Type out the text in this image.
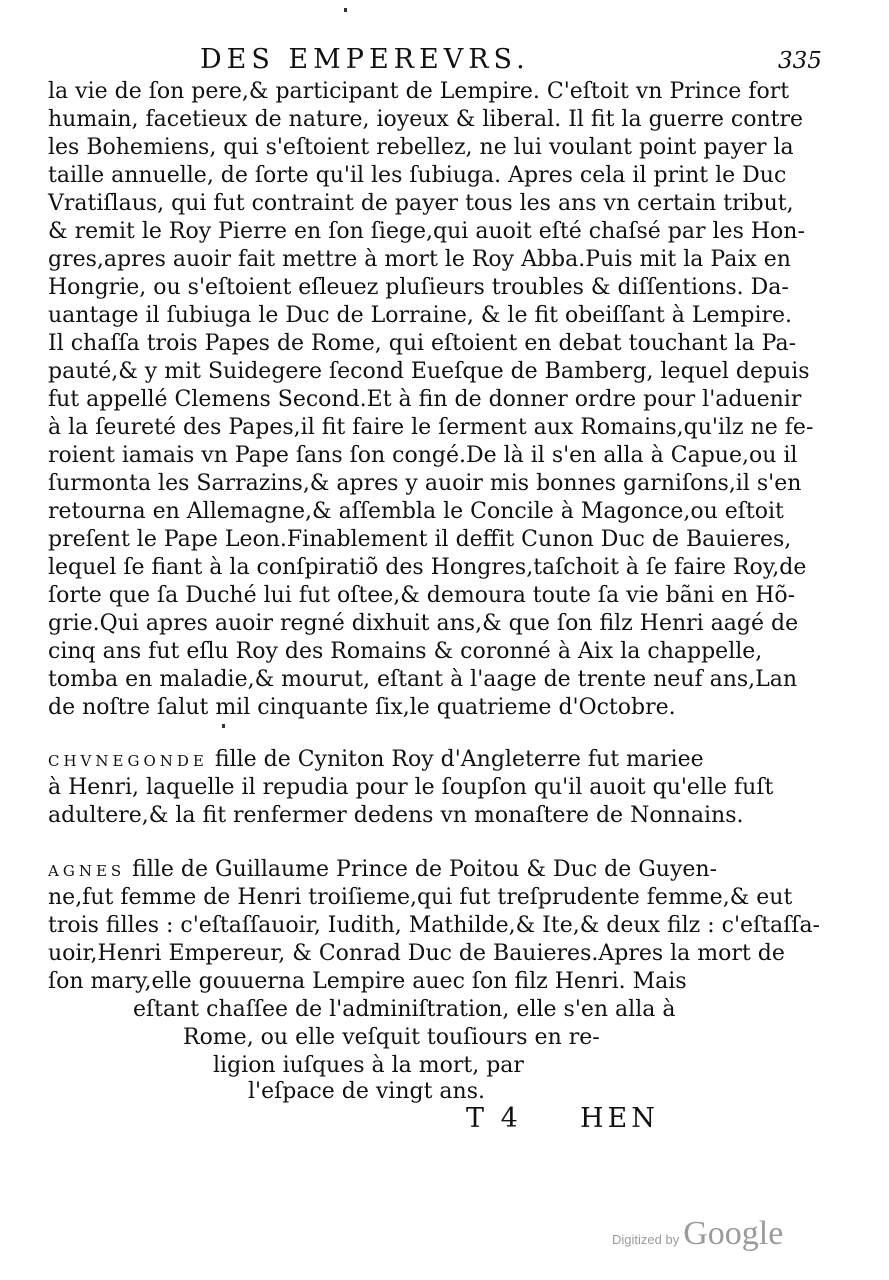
DES EMPEREVRS.	335
la vie de ſon pere,& participant de Lempire. C'eſtoit vn Prince fort
humain, facetieux de nature, ioyeux & liberal. Il fit la guerre contre
les Bohemiens, qui s'eſtoient rebellez, ne lui voulant point payer la
taille annuelle, de ſorte qu'il les ſubiuga. Apres cela il print le Duc
Vratiſlaus, qui fut contraint de payer tous les ans vn certain tribut,
& remit le Roy Pierre en ſon ſiege,qui auoit eſté chaſsé par les Hon-
gres,apres auoir fait mettre à mort le Roy Abba.Puis mit la Paix en
Hongrie, ou s'eſtoient eſleuez pluſieurs troubles & diſſentions. Da-
uantage il ſubiuga le Duc de Lorraine, & le fit obeiſſant à Lempire.
Il chaſſa trois Papes de Rome, qui eſtoient en debat touchant la Pa-
pauté,& y mit Suidegere ſecond Eueſque de Bamberg, lequel depuis
fut appellé Clemens Second.Et à fin de donner ordre pour l'aduenir
à la ſeureté des Papes,il fit faire le ſerment aux Romains,qu'ilz ne fe-
roient iamais vn Pape ſans ſon congé.De là il s'en alla à Capue,ou il
ſurmonta les Sarrazins,& apres y auoir mis bonnes garniſons,il s'en
retourna en Allemagne,& aſſembla le Concile à Magonce,ou eſtoit
preſent le Pape Leon.Finablement il deffit Cunon Duc de Bauieres,
lequel ſe fiant à la conſpiratiõ des Hongres,taſchoit à ſe faire Roy,de
ſorte que ſa Duché lui fut oſtee,& demoura toute ſa vie bãni en Hõ-
grie.Qui apres auoir regné dixhuit ans,& que ſon filz Henri aagé de
cinq ans fut eſlu Roy des Romains & coronné à Aix la chappelle,
tomba en maladie,& mourut, eſtant à l'aage de trente neuf ans,Lan
de noſtre ſalut mil cinquante ſix,le quatrieme d'Octobre.
CHVNEGONDE fille de Cyniton Roy d'Angleterre fut mariee
à Henri, laquelle il repudia pour le ſoupſon qu'il auoit qu'elle fuſt
adultere,& la fit renfermer dedens vn monaſtere de Nonnains.
AGNES fille de Guillaume Prince de Poitou & Duc de Guyen-
ne,fut femme de Henri troiſieme,qui fut treſprudente femme,& eut
trois filles : c'eſtaſſauoir, Iudith, Mathilde,& Ite,& deux filz : c'eſtaſſa-
uoir,Henri Empereur, & Conrad Duc de Bauieres.Apres la mort de
ſon mary,elle gouuerna Lempire auec ſon filz Henri. Mais
eſtant chaſſee de l'adminiſtration, elle s'en alla à
Rome, ou elle veſquit touſiours en re-
ligion iuſques à la mort, par
l'eſpace de vingt ans.
T 4 HEN
Digitized by Google
